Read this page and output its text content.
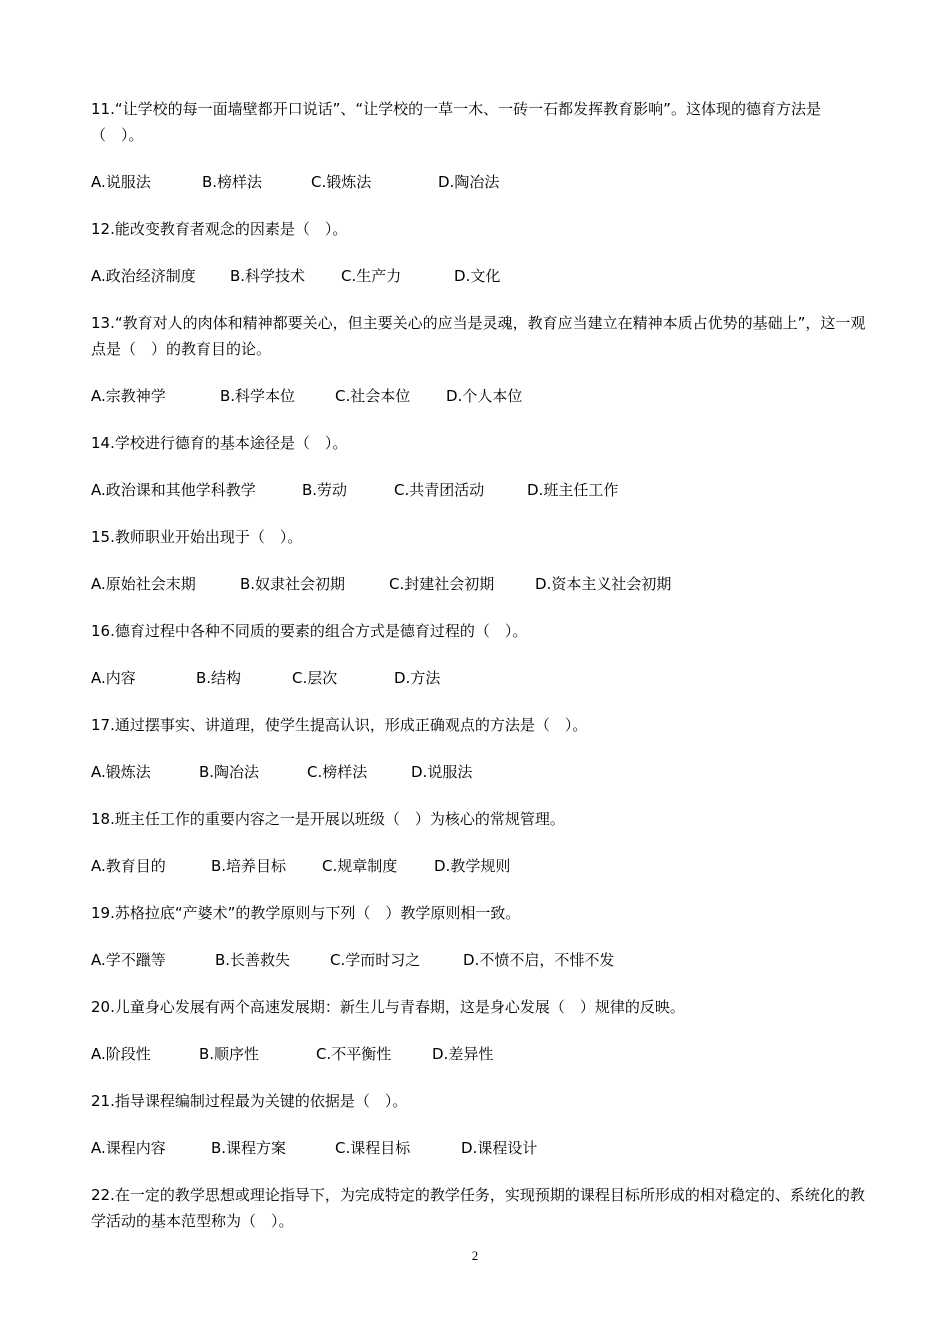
11.“让学校的每一面墙壁都开口说话”、“让学校的一草一木、一砖一石都发挥教育影响”。这体现的德育方法是（　）。

A.说服法	B.榜样法	C.锻炼法	D.陶冶法

12.能改变教育者观念的因素是（　）。

A.政治经济制度	B.科学技术	C.生产力	D.文化

13.“教育对人的肉体和精神都要关心，但主要关心的应当是灵魂，教育应当建立在精神本质占优势的基础上”，这一观点是（　）的教育目的论。

A.宗教神学	B.科学本位	C.社会本位	D.个人本位

14.学校进行德育的基本途径是（　）。

A.政治课和其他学科教学	B.劳动	C.共青团活动	D.班主任工作

15.教师职业开始出现于（　）。

A.原始社会末期	B.奴隶社会初期	C.封建社会初期	D.资本主义社会初期

16.德育过程中各种不同质的要素的组合方式是德育过程的（　）。

A.内容	B.结构	C.层次	D.方法

17.通过摆事实、讲道理，使学生提高认识，形成正确观点的方法是（　）。

A.锻炼法	B.陶冶法	C.榜样法	D.说服法

18.班主任工作的重要内容之一是开展以班级（　）为核心的常规管理。

A.教育目的	B.培养目标	C.规章制度	D.教学规则

19.苏格拉底“产婆术”的教学原则与下列（　）教学原则相一致。

A.学不躐等	B.长善救失	C.学而时习之	D.不愤不启，不悱不发

20.儿童身心发展有两个高速发展期：新生儿与青春期，这是身心发展（　）规律的反映。

A.阶段性	B.顺序性	C.不平衡性	D.差异性

21.指导课程编制过程最为关键的依据是（　）。

A.课程内容	B.课程方案	C.课程目标	D.课程设计

22.在一定的教学思想或理论指导下，为完成特定的教学任务，实现预期的课程目标所形成的相对稳定的、系统化的教学活动的基本范型称为（　）。

2
